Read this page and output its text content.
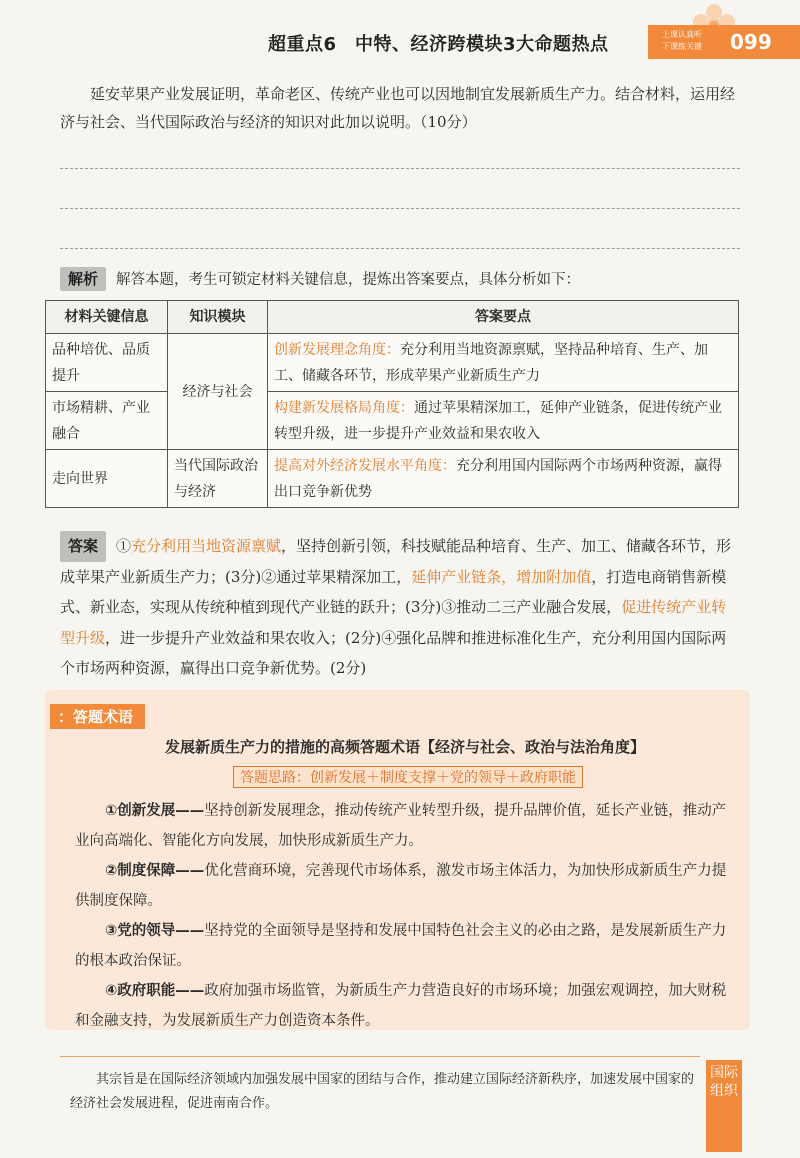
超重点6　中特、经济跨模块3大命题热点	上课认真听
下课练关键	099
延安苹果产业发展证明，革命老区、传统产业也可以因地制宜发展新质生产力。结合材料，运用经济与社会、当代国际政治与经济的知识对此加以说明。（10分）
解析 解答本题，考生可锁定材料关键信息，提炼出答案要点，具体分析如下：
材料关键信息	知识模块	答案要点
品种培优、品质提升	经济与社会	创新发展理念角度：充分利用当地资源禀赋，坚持品种培育、生产、加工、储藏各环节，形成苹果产业新质生产力
市场精耕、产业融合		构建新发展格局角度：通过苹果精深加工，延伸产业链条，促进传统产业转型升级，进一步提升产业效益和果农收入
走向世界	当代国际政治与经济	提高对外经济发展水平角度：充分利用国内国际两个市场两种资源，赢得出口竞争新优势
答案 ①充分利用当地资源禀赋，坚持创新引领，科技赋能品种培育、生产、加工、储藏各环节，形成苹果产业新质生产力；(3分)②通过苹果精深加工，延伸产业链条，增加附加值，打造电商销售新模式、新业态，实现从传统种植到现代产业链的跃升；(3分)③推动二三产业融合发展，促进传统产业转型升级，进一步提升产业效益和果农收入；(2分)④强化品牌和推进标准化生产，充分利用国内国际两个市场两种资源，赢得出口竞争新优势。(2分)
：答题术语
发展新质生产力的措施的高频答题术语【经济与社会、政治与法治角度】
答题思路：创新发展＋制度支撑＋党的领导＋政府职能

①创新发展——坚持创新发展理念，推动传统产业转型升级，提升品牌价值，延长产业链，推动产业向高端化、智能化方向发展，加快形成新质生产力。

②制度保障——优化营商环境，完善现代市场体系，激发市场主体活力，为加快形成新质生产力提供制度保障。

③党的领导——坚持党的全面领导是坚持和发展中国特色社会主义的必由之路，是发展新质生产力的根本政治保证。

④政府职能——政府加强市场监管，为新质生产力营造良好的市场环境；加强宏观调控，加大财税和金融支持，为发展新质生产力创造资本条件。

其宗旨是在国际经济领域内加强发展中国家的团结与合作，推动建立国际经济新秩序，加速发展中国家的经济社会发展进程，促进南南合作。
国际组织
